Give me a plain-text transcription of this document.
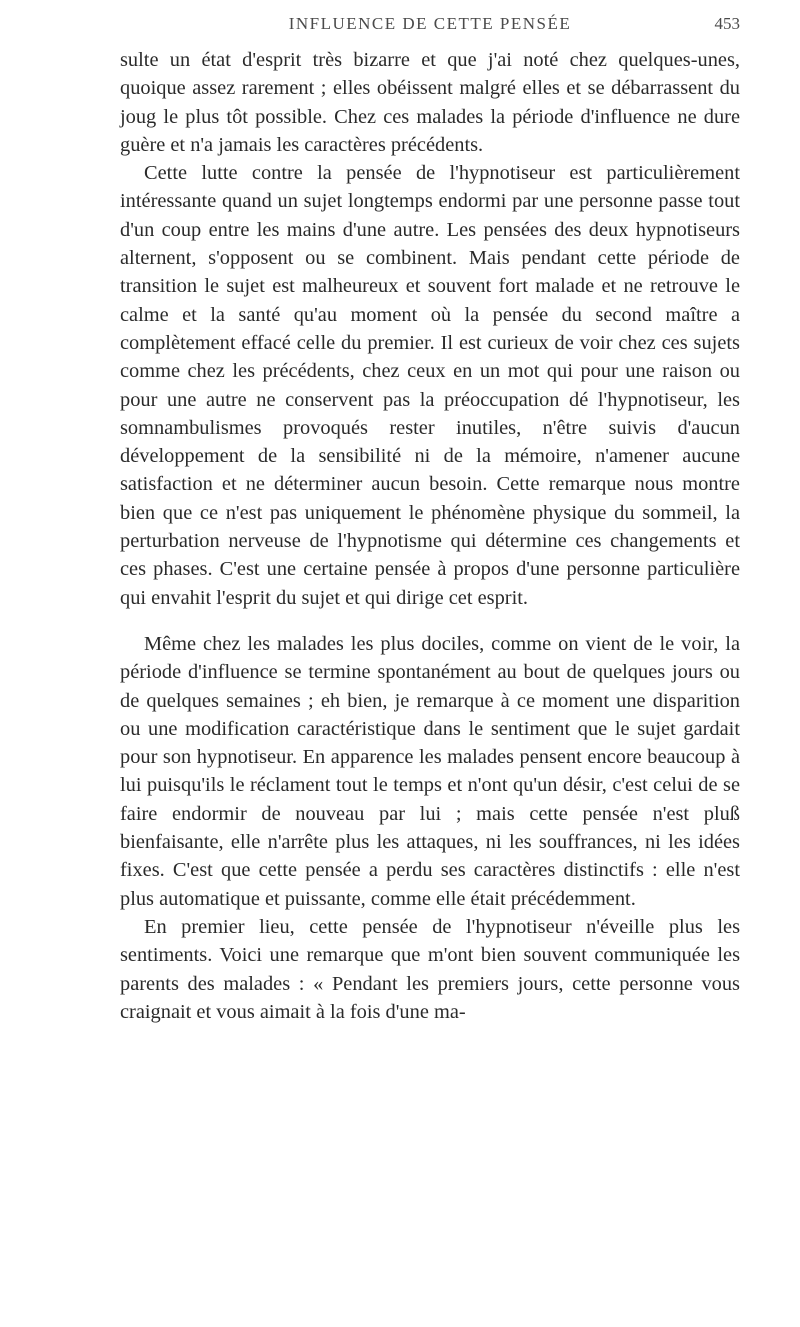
INFLUENCE DE CETTE PENSÉE	453

sulte un état d'esprit très bizarre et que j'ai noté chez quelques-unes, quoique assez rarement ; elles obéissent malgré elles et se débarrassent du joug le plus tôt possible. Chez ces malades la période d'influence ne dure guère et n'a jamais les caractères précédents.

Cette lutte contre la pensée de l'hypnotiseur est particulièrement intéressante quand un sujet longtemps endormi par une personne passe tout d'un coup entre les mains d'une autre. Les pensées des deux hypnotiseurs alternent, s'opposent ou se combinent. Mais pendant cette période de transition le sujet est malheureux et souvent fort malade et ne retrouve le calme et la santé qu'au moment où la pensée du second maître a complètement effacé celle du premier. Il est curieux de voir chez ces sujets comme chez les précédents, chez ceux en un mot qui pour une raison ou pour une autre ne conservent pas la préoccupation dé l'hypnotiseur, les somnambulismes provoqués rester inutiles, n'être suivis d'aucun développement de la sensibilité ni de la mémoire, n'amener aucune satisfaction et ne déterminer aucun besoin. Cette remarque nous montre bien que ce n'est pas uniquement le phénomène physique du sommeil, la perturbation nerveuse de l'hypnotisme qui détermine ces changements et ces phases. C'est une certaine pensée à propos d'une personne particulière qui envahit l'esprit du sujet et qui dirige cet esprit.

Même chez les malades les plus dociles, comme on vient de le voir, la période d'influence se termine spontanément au bout de quelques jours ou de quelques semaines ; eh bien, je remarque à ce moment une disparition ou une modification caractéristique dans le sentiment que le sujet gardait pour son hypnotiseur. En apparence les malades pensent encore beaucoup à lui puisqu'ils le réclament tout le temps et n'ont qu'un désir, c'est celui de se faire endormir de nouveau par lui ; mais cette pensée n'est pluß bienfaisante, elle n'arrête plus les attaques, ni les souffrances, ni les idées fixes. C'est que cette pensée a perdu ses caractères distinctifs : elle n'est plus automatique et puissante, comme elle était précédemment.

En premier lieu, cette pensée de l'hypnotiseur n'éveille plus les sentiments. Voici une remarque que m'ont bien souvent communiquée les parents des malades : « Pendant les premiers jours, cette personne vous craignait et vous aimait à la fois d'une ma-
